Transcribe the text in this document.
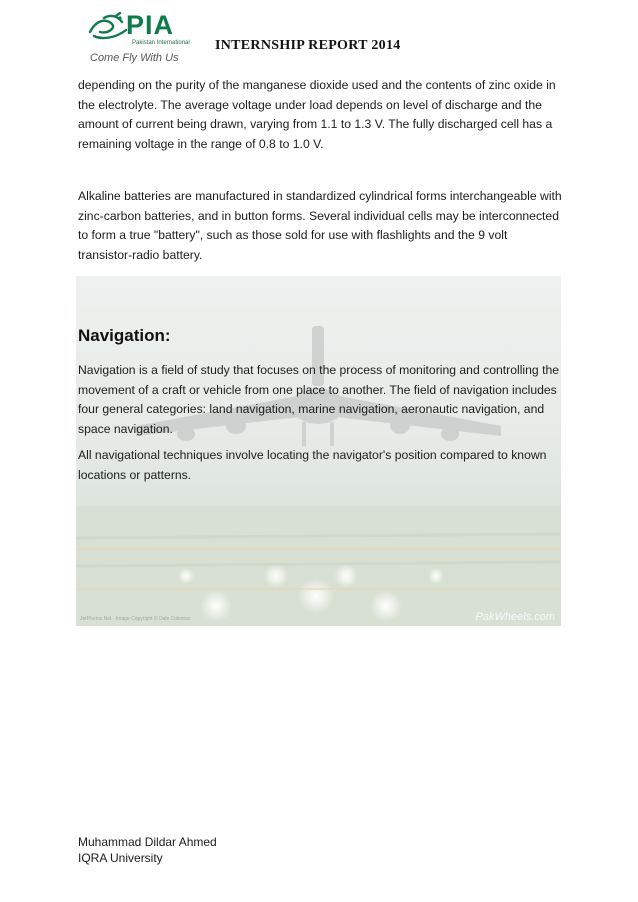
PIA
Pakistan International
Come Fly With Us
INTERNSHIP REPORT 2014

depending on the purity of the manganese dioxide used and the contents of zinc oxide in the electrolyte. The average voltage under load depends on level of discharge and the amount of current being drawn, varying from 1.1 to 1.3 V. The fully discharged cell has a remaining voltage in the range of 0.8 to 1.0 V.

Alkaline batteries are manufactured in standardized cylindrical forms interchangeable with zinc-carbon batteries, and in button forms. Several individual cells may be interconnected to form a true "battery", such as those sold for use with flashlights and the 9 volt transistor-radio battery.

JetPhotos.Net - Image Copyright © Dale Coleman	PakWheels.com
Navigation:

Navigation is a field of study that focuses on the process of monitoring and controlling the movement of a craft or vehicle from one place to another. The field of navigation includes four general categories: land navigation, marine navigation, aeronautic navigation, and space navigation.

All navigational techniques involve locating the navigator's position compared to known locations or patterns.

Muhammad Dildar Ahmed
IQRA University
